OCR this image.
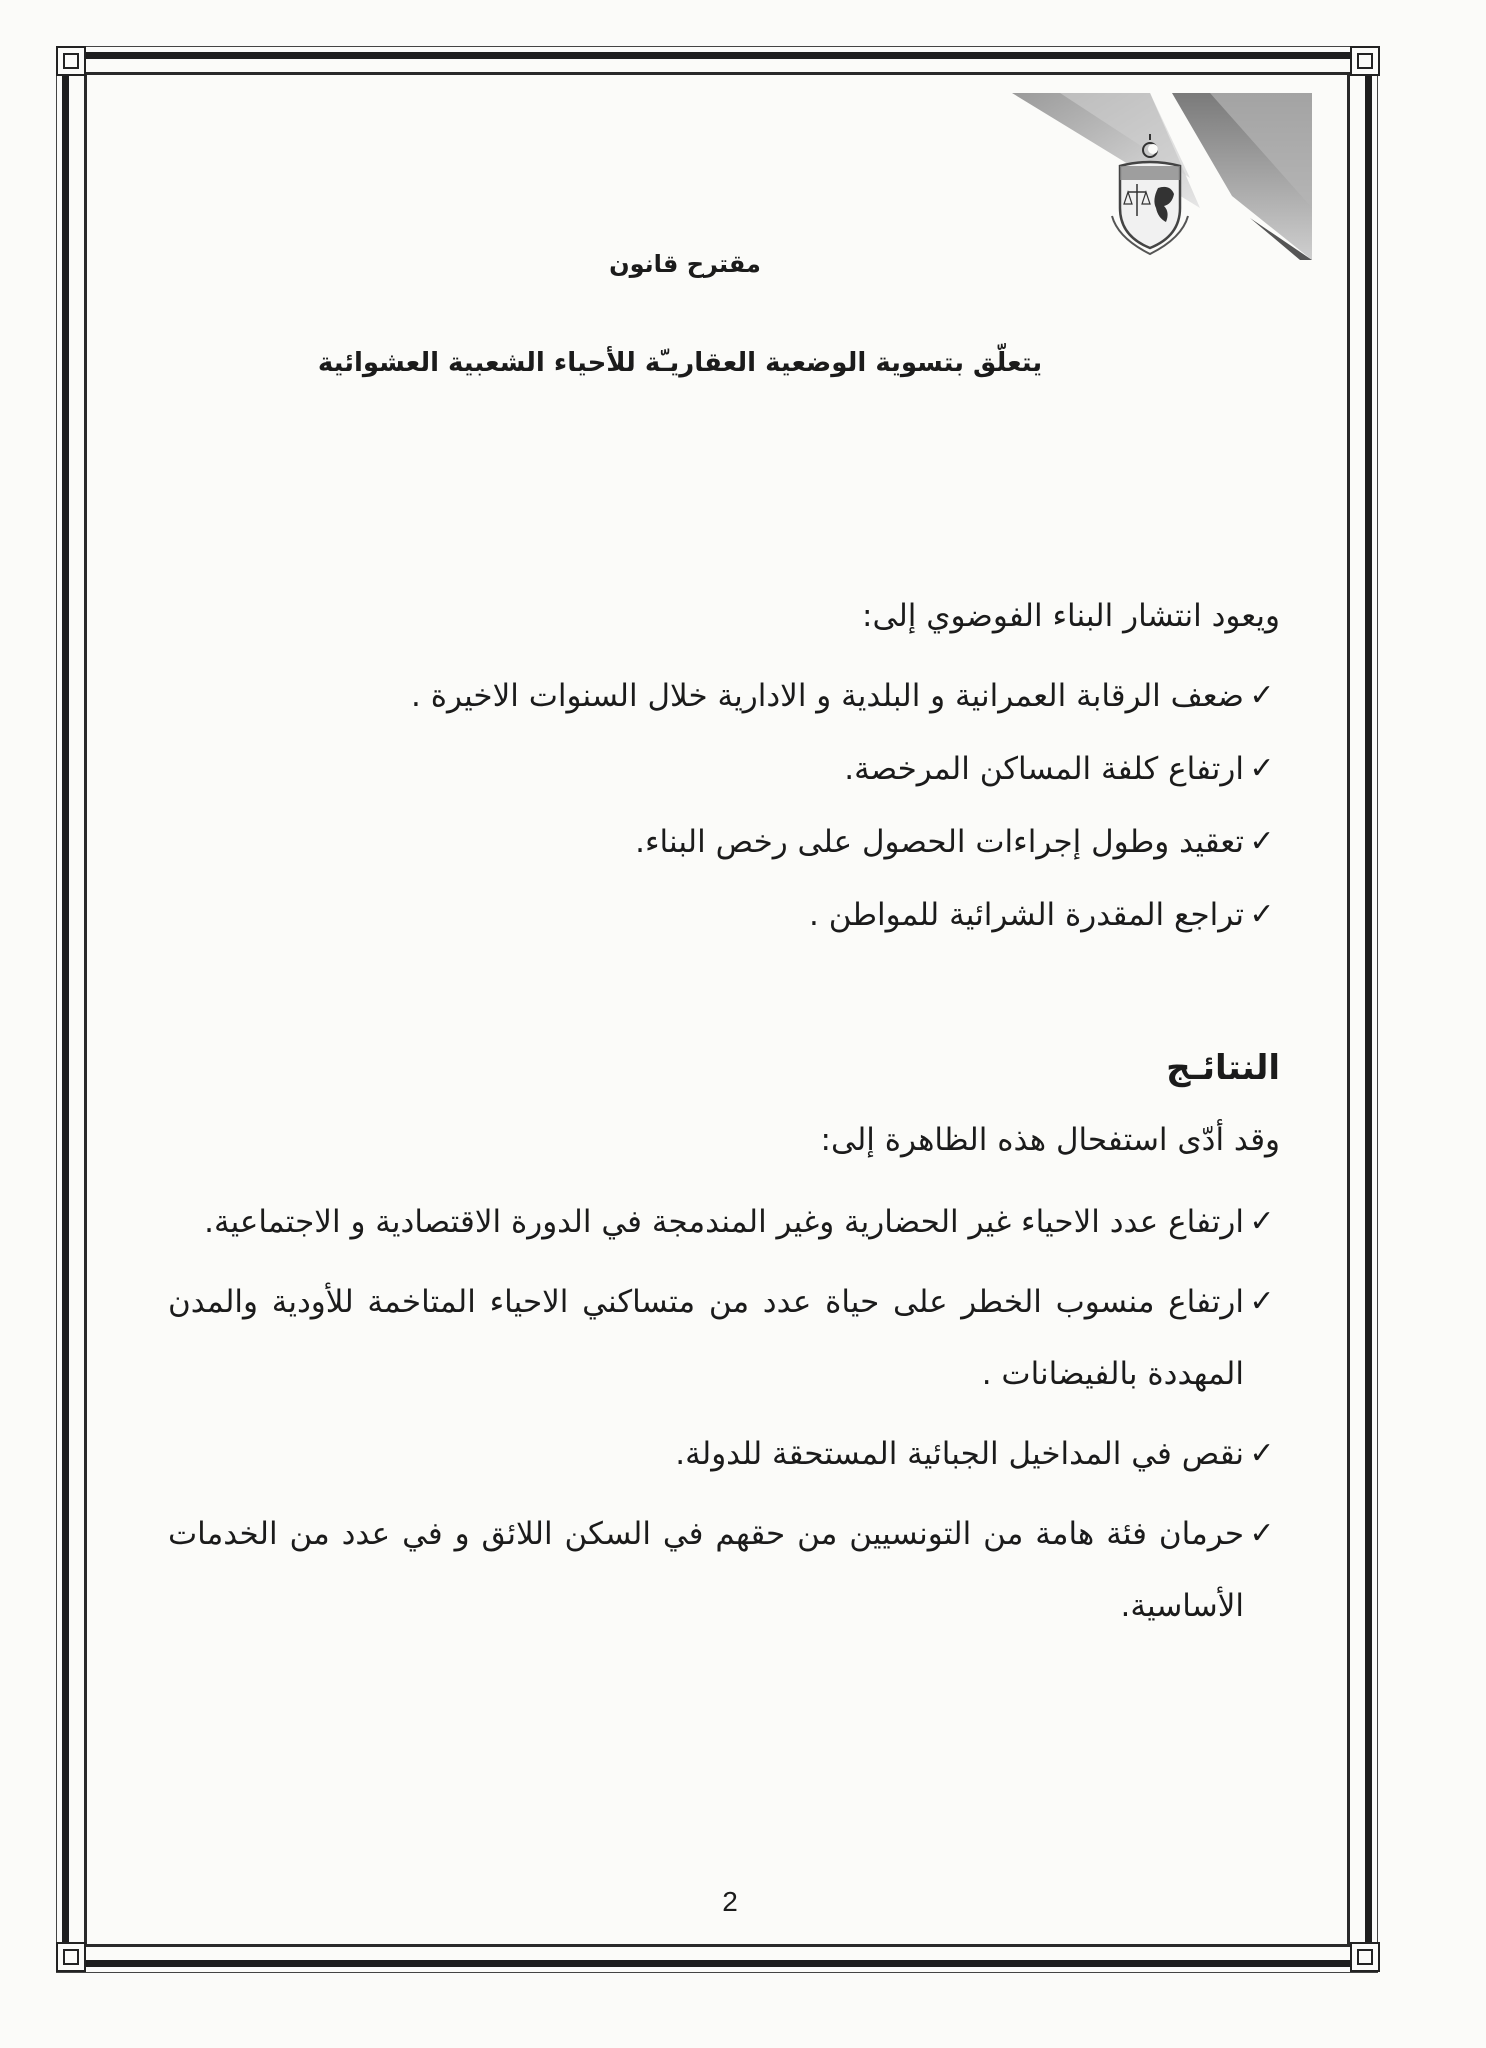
مقترح قانون
يتعلّق بتسوية الوضعية العقاريـّة للأحياء الشعبية العشوائية
ويعود انتشار البناء الفوضوي إلى:
✓
ضعف الرقابة العمرانية و البلدية و الادارية خلال السنوات الاخيرة .
✓
ارتفاع كلفة المساكن المرخصة.
✓
تعقيد وطول إجراءات الحصول على رخص البناء.
✓
تراجع المقدرة الشرائية للمواطن .
النتائـج
وقد أدّى استفحال هذه الظاهرة إلى:
✓
ارتفاع عدد الاحياء غير الحضارية وغير المندمجة في الدورة الاقتصادية و الاجتماعية.
✓
ارتفاع منسوب الخطر على حياة عدد من متساكني الاحياء المتاخمة للأودية والمدن المهددة بالفيضانات .
✓
نقص في المداخيل الجبائية المستحقة للدولة.
✓
حرمان فئة هامة من التونسيين من حقهم في السكن اللائق و في عدد من الخدمات الأساسية.
2
